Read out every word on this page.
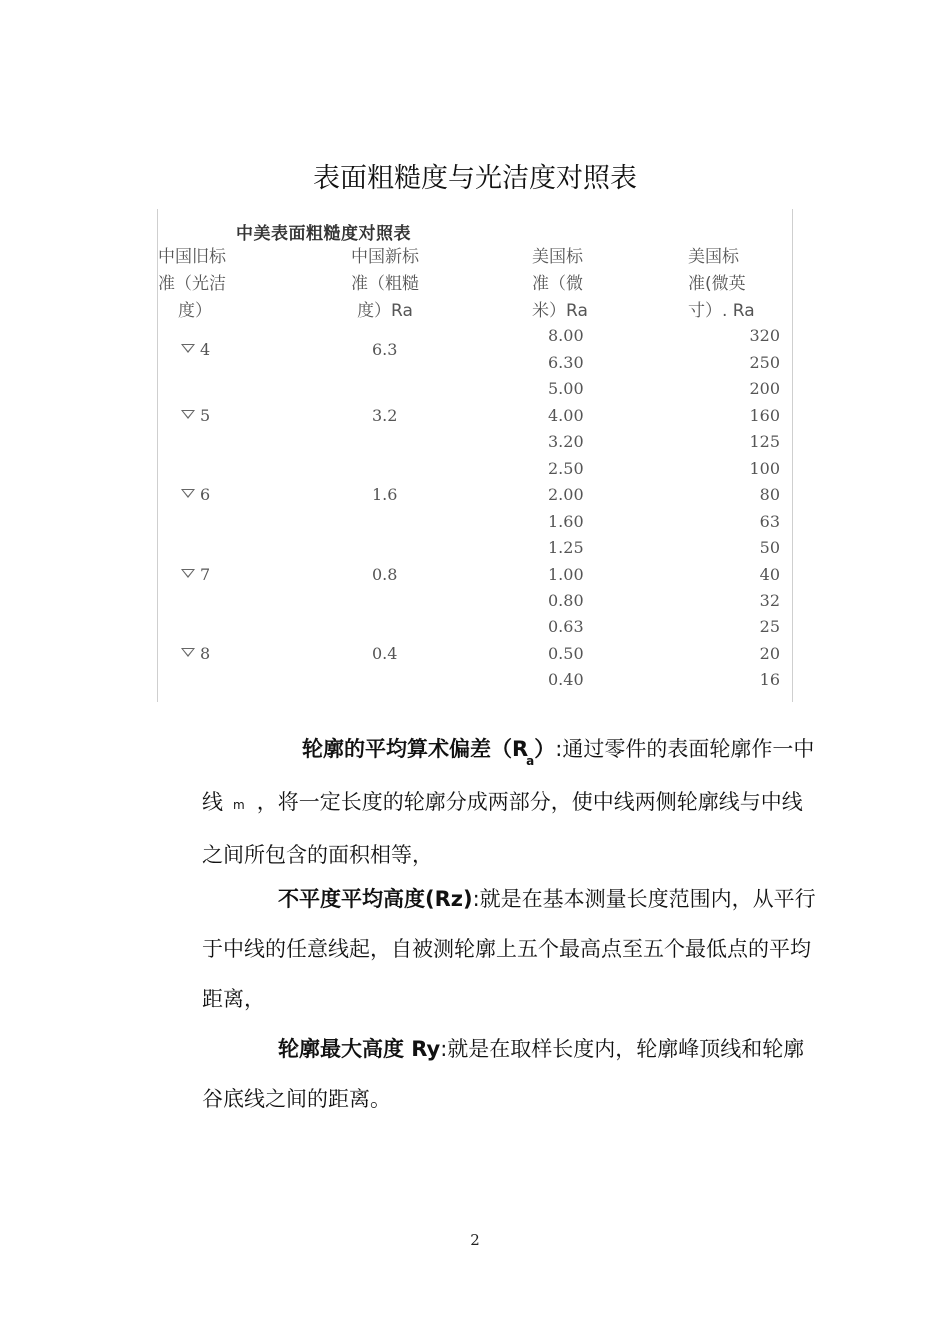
表面粗糙度与光洁度对照表
中美表面粗糙度对照表
中国旧标
准（光洁
度）
中国新标
准（粗糙
度）Ra
美国标
准（微
米）Ra
美国标
准(微英
寸）. Ra
4
5
6
7
8
6.3
3.2
1.6
0.8
0.4
8.00
6.30
5.00
4.00
3.20
2.50
2.00
1.60
1.25
1.00
0.80
0.63
0.50
0.40
320
250
200
160
125
100
80
63
50
40
32
25
20
16
轮廓的平均算术偏差$(R_a)$:通过零件的表面轮廓作一中线 m ，将一定长度的轮廓分成两部分，使中线两侧轮廓线与中线之间所包含的面积相等，
不平度平均高度(Rz):就是在基本测量长度范围内，从平行于中线的任意线起，自被测轮廓上五个最高点至五个最低点的平均距离，
轮廓最大高度 Ry:就是在取样长度内，轮廓峰顶线和轮廓谷底线之间的距离。
2
